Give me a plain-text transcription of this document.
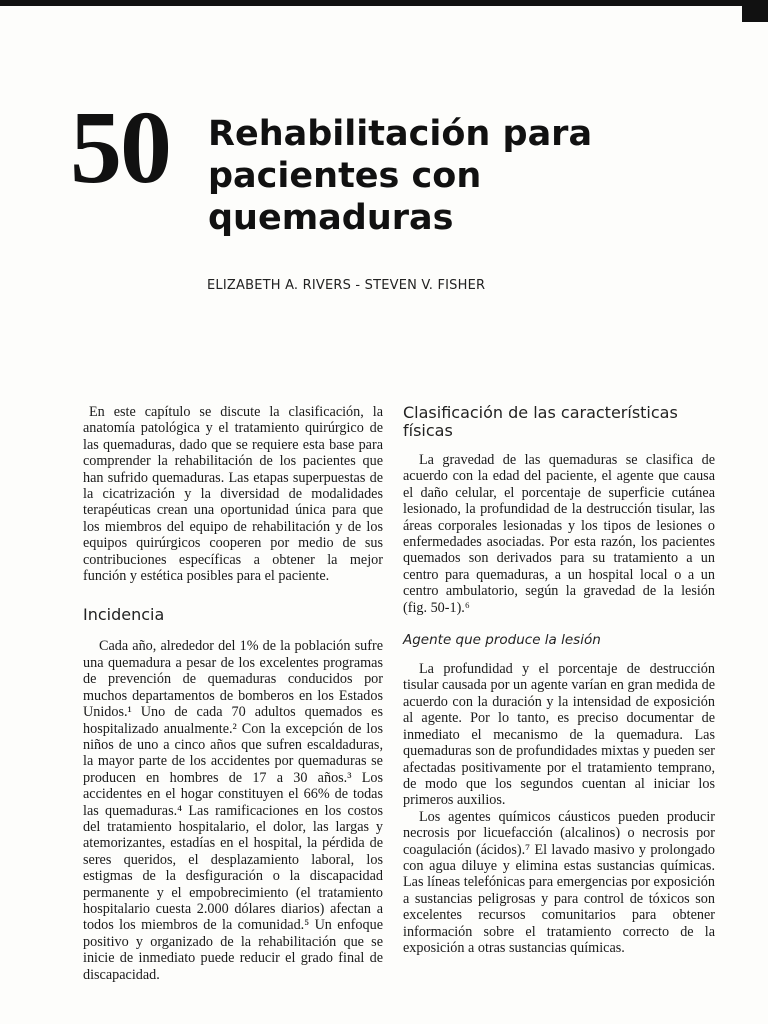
50 Rehabilitación para pacientes con quemaduras
ELIZABETH A. RIVERS - STEVEN V. FISHER

En este capítulo se discute la clasificación, la anatomía patológica y el tratamiento quirúrgico de las quemaduras, dado que se requiere esta base para comprender la rehabilitación de los pacientes que han sufrido quemaduras. Las etapas superpuestas de la cicatrización y la diversidad de modalidades terapéuticas crean una oportunidad única para que los miembros del equipo de rehabilitación y de los equipos quirúrgicos cooperen por medio de sus contribuciones específicas a obtener la mejor función y estética posibles para el paciente.

Incidencia

Cada año, alrededor del 1% de la población sufre una quemadura a pesar de los excelentes programas de prevención de quemaduras conducidos por muchos departamentos de bomberos en los Estados Unidos.¹ Uno de cada 70 adultos quemados es hospitalizado anualmente.² Con la excepción de los niños de uno a cinco años que sufren escaldaduras, la mayor parte de los accidentes por quemaduras se producen en hombres de 17 a 30 años.³ Los accidentes en el hogar constituyen el 66% de todas las quemaduras.⁴ Las ramificaciones en los costos del tratamiento hospitalario, el dolor, las largas y atemorizantes, estadías en el hospital, la pérdida de seres queridos, el desplazamiento laboral, los estigmas de la desfiguración o la discapacidad permanente y el empobrecimiento (el tratamiento hospitalario cuesta 2.000 dólares diarios) afectan a todos los miembros de la comunidad.⁵ Un enfoque positivo y organizado de la rehabilitación que se inicie de inmediato puede reducir el grado final de discapacidad.

Clasificación de las características físicas

La gravedad de las quemaduras se clasifica de acuerdo con la edad del paciente, el agente que causa el daño celular, el porcentaje de superficie cutánea lesionado, la profundidad de la destrucción tisular, las áreas corporales lesionadas y los tipos de lesiones o enfermedades asociadas. Por esta razón, los pacientes quemados son derivados para su tratamiento a un centro para quemaduras, a un hospital local o a un centro ambulatorio, según la gravedad de la lesión (fig. 50-1).⁶

Agente que produce la lesión

La profundidad y el porcentaje de destrucción tisular causada por un agente varían en gran medida de acuerdo con la duración y la intensidad de exposición al agente. Por lo tanto, es preciso documentar de inmediato el mecanismo de la quemadura. Las quemaduras son de profundidades mixtas y pueden ser afectadas positivamente por el tratamiento temprano, de modo que los segundos cuentan al iniciar los primeros auxilios.

Los agentes químicos cáusticos pueden producir necrosis por licuefacción (alcalinos) o necrosis por coagulación (ácidos).⁷ El lavado masivo y prolongado con agua diluye y elimina estas sustancias químicas. Las líneas telefónicas para emergencias por exposición a sustancias peligrosas y para control de tóxicos son excelentes recursos comunitarios para obtener información sobre el tratamiento correcto de la exposición a otras sustancias químicas.
